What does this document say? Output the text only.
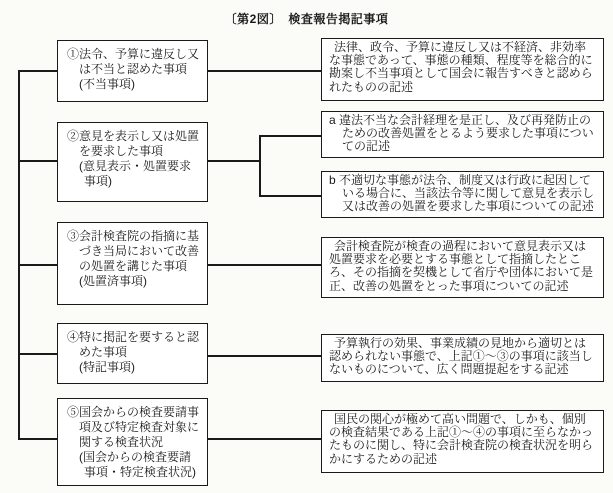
〔第2図〕　検査報告掲記事項

①法令、予算に違反し又は不当と認めた事項

(不当事項)

②意見を表示し又は処置を要求した事項

(意見表示・処置要求事項)

③会計検査院の指摘に基づき当局において改善の処置を講じた事項

(処置済事項)

④特に掲記を要すると認めた事項

(特記事項)

⑤国会からの検査要請事項及び特定検査対象に関する検査状況

(国会からの検査要請事項・特定検査状況)

法律、政令、予算に違反し又は不経済、非効率な事態であって、事態の種類、程度等を総合的に勘案し不当事項として国会に報告すべきと認められたものの記述

a 違法不当な会計経理を是正し、及び再発防止のための改善処置をとるよう要求した事項についての記述

b 不適切な事態が法令、制度又は行政に起因している場合に、当該法令等に関して意見を表示し又は改善の処置を要求した事項についての記述

会計検査院が検査の過程において意見表示又は処置要求を必要とする事態として指摘したところ、その指摘を契機として省庁や団体において是正、改善の処置をとった事項についての記述

予算執行の効果、事業成績の見地から適切とは認められない事態で、上記①～③の事項に該当しないものについて、広く問題提起をする記述

国民の関心が極めて高い問題で、しかも、個別の検査結果である上記①～④の事項に至らなかったものに関し、特に会計検査院の検査状況を明らかにするための記述
